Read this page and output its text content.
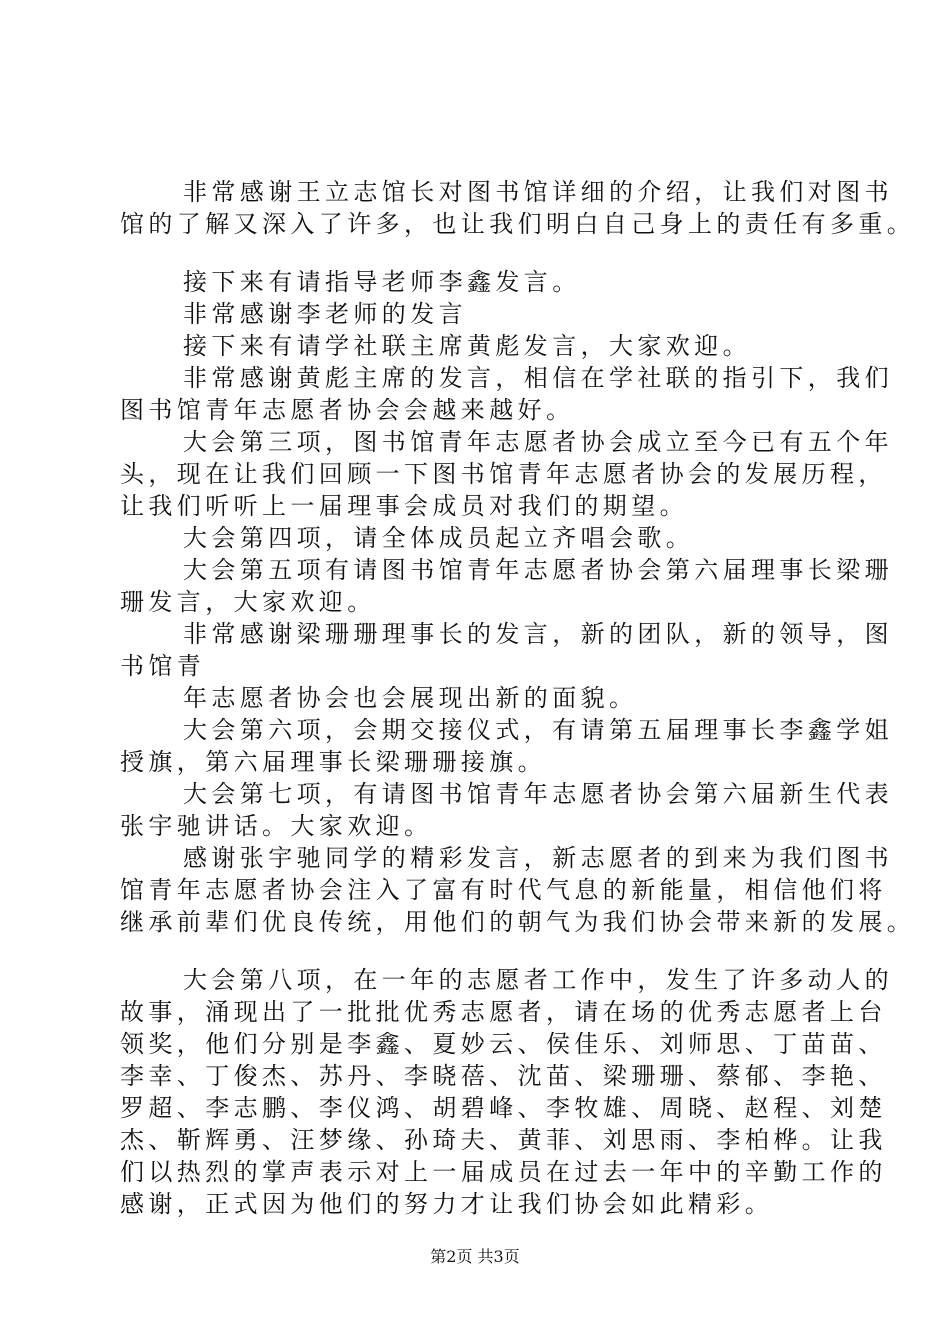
非常感谢王立志馆长对图书馆详细的介绍，让我们对图书
馆的了解又深入了许多，也让我们明白自己身上的责任有多重。
接下来有请指导老师李鑫发言。
非常感谢李老师的发言
接下来有请学社联主席黄彪发言，大家欢迎。
非常感谢黄彪主席的发言，相信在学社联的指引下，我们
图书馆青年志愿者协会会越来越好。
大会第三项，图书馆青年志愿者协会成立至今已有五个年
头，现在让我们回顾一下图书馆青年志愿者协会的发展历程，
让我们听听上一届理事会成员对我们的期望。
大会第四项，请全体成员起立齐唱会歌。
大会第五项有请图书馆青年志愿者协会第六届理事长梁珊
珊发言，大家欢迎。
非常感谢梁珊珊理事长的发言，新的团队，新的领导，图
书馆青
年志愿者协会也会展现出新的面貌。
大会第六项，会期交接仪式，有请第五届理事长李鑫学姐
授旗，第六届理事长梁珊珊接旗。
大会第七项，有请图书馆青年志愿者协会第六届新生代表
张宇驰讲话。大家欢迎。
感谢张宇驰同学的精彩发言，新志愿者的到来为我们图书
馆青年志愿者协会注入了富有时代气息的新能量，相信他们将
继承前辈们优良传统，用他们的朝气为我们协会带来新的发展。
大会第八项，在一年的志愿者工作中，发生了许多动人的
故事，涌现出了一批批优秀志愿者，请在场的优秀志愿者上台
领奖，他们分别是李鑫、夏妙云、侯佳乐、刘师思、丁苗苗、
李幸、丁俊杰、苏丹、李晓蓓、沈苗、梁珊珊、蔡郁、李艳、
罗超、李志鹏、李仪鸿、胡碧峰、李牧雄、周晓、赵程、刘楚
杰、靳辉勇、汪梦缘、孙琦夫、黄菲、刘思雨、李柏桦。让我
们以热烈的掌声表示对上一届成员在过去一年中的辛勤工作的
感谢，正式因为他们的努力才让我们协会如此精彩。
第2页 共3页
